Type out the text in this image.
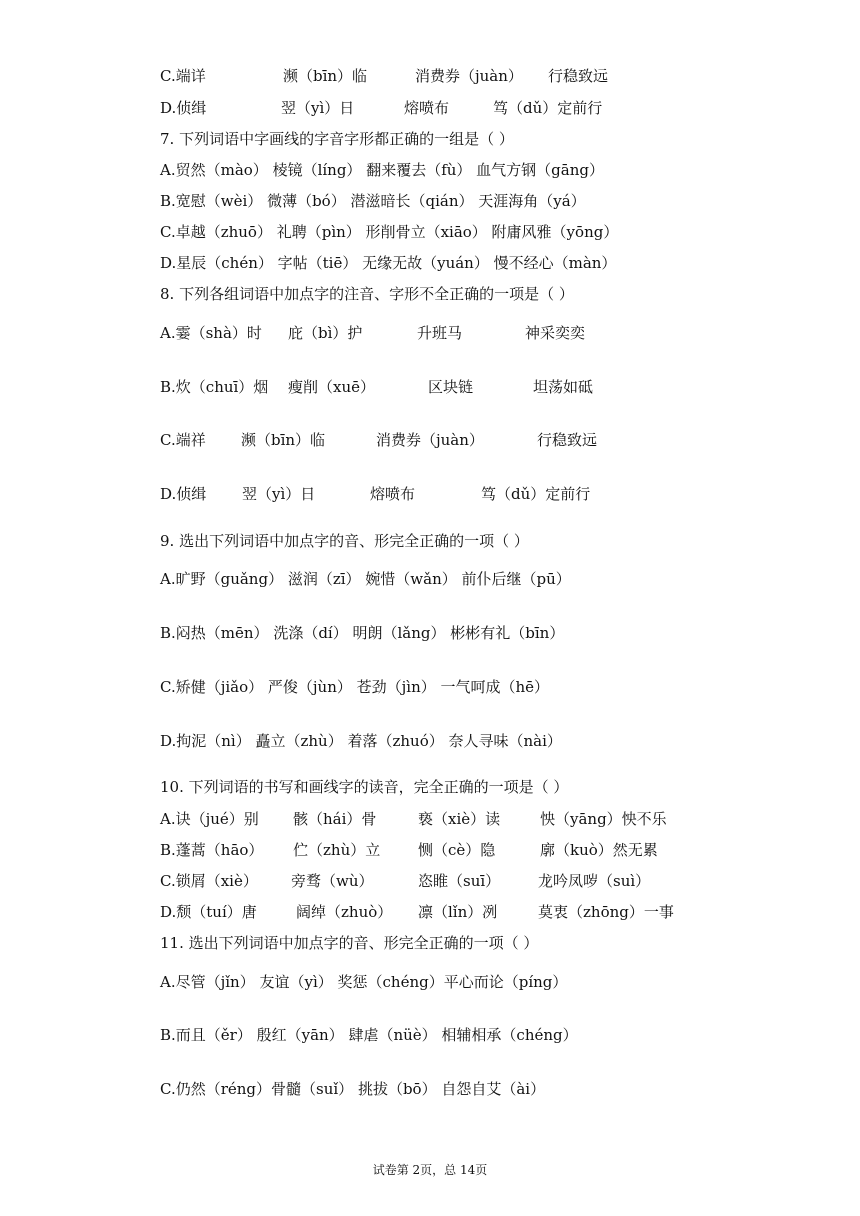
C.端详	濒（bīn）临	消费券（juàn） 行稳致远
D.侦缉	翌（yì）日	熔喷布	笃（dǔ）定前行
7. 下列词语中字画线的字音字形都正确的一组是（ ）
A.贸然（mào） 棱镜（líng） 翻来覆去（fù） 血气方钢（gāng）
B.宽慰（wèi） 微薄（bó） 潜滋暗长（qián） 天涯海角（yá）
C.卓越（zhuō） 礼聘（pìn） 形削骨立（xiāo） 附庸风雅（yōng）
D.星辰（chén） 字帖（tiē） 无缘无故（yuán） 慢不经心（màn）
8. 下列各组词语中加点字的注音、字形不全正确的一项是（ ）
A.霎（shà）时 庇（bì）护	升班马	神采奕奕
B.炊（chuī）烟 瘦削（xuē）	区块链	坦荡如砥
C.端祥 濒（bīn）临	消费券（juàn）	行稳致远
D.侦缉 翌（yì）日	熔喷布	笃（dǔ）定前行
9. 选出下列词语中加点字的音、形完全正确的一项（ ）
A.旷野（guǎng） 滋润（zī） 婉惜（wǎn） 前仆后继（pū）
B.闷热（mēn） 洗涤（dí） 明朗（lǎng） 彬彬有礼（bīn）
C.矫健（jiǎo） 严俊（jùn） 苍劲（jìn） 一气呵成（hē）
D.拘泥（nì） 矗立（zhù） 着落（zhuó） 奈人寻味（nài）
10. 下列词语的书写和画线字的读音，完全正确的一项是（ ）
A.诀（jué）别 骸（hái）骨	亵（xiè）读	怏（yāng）怏不乐
B.蓬蒿（hāo） 伫（zhù）立	恻（cè）隐	廓（kuò）然无累
C.锁屑（xiè） 旁骛（wù）	恣睢（suī）	龙吟凤哕（suì）
D.颓（tuí）唐	阔绰（zhuò） 凛（lǐn）冽	莫衷（zhōng）一事
11. 选出下列词语中加点字的音、形完全正确的一项（ ）
A.尽管（jǐn） 友谊（yì） 奖惩（chéng）平心而论（píng）
B.而且（ěr） 殷红（yān） 肆虐（nüè） 相辅相承（chéng）
C.仍然（réng）骨髓（suǐ） 挑拔（bō） 自怨自艾（ài）
试卷第 2页，总 14页
